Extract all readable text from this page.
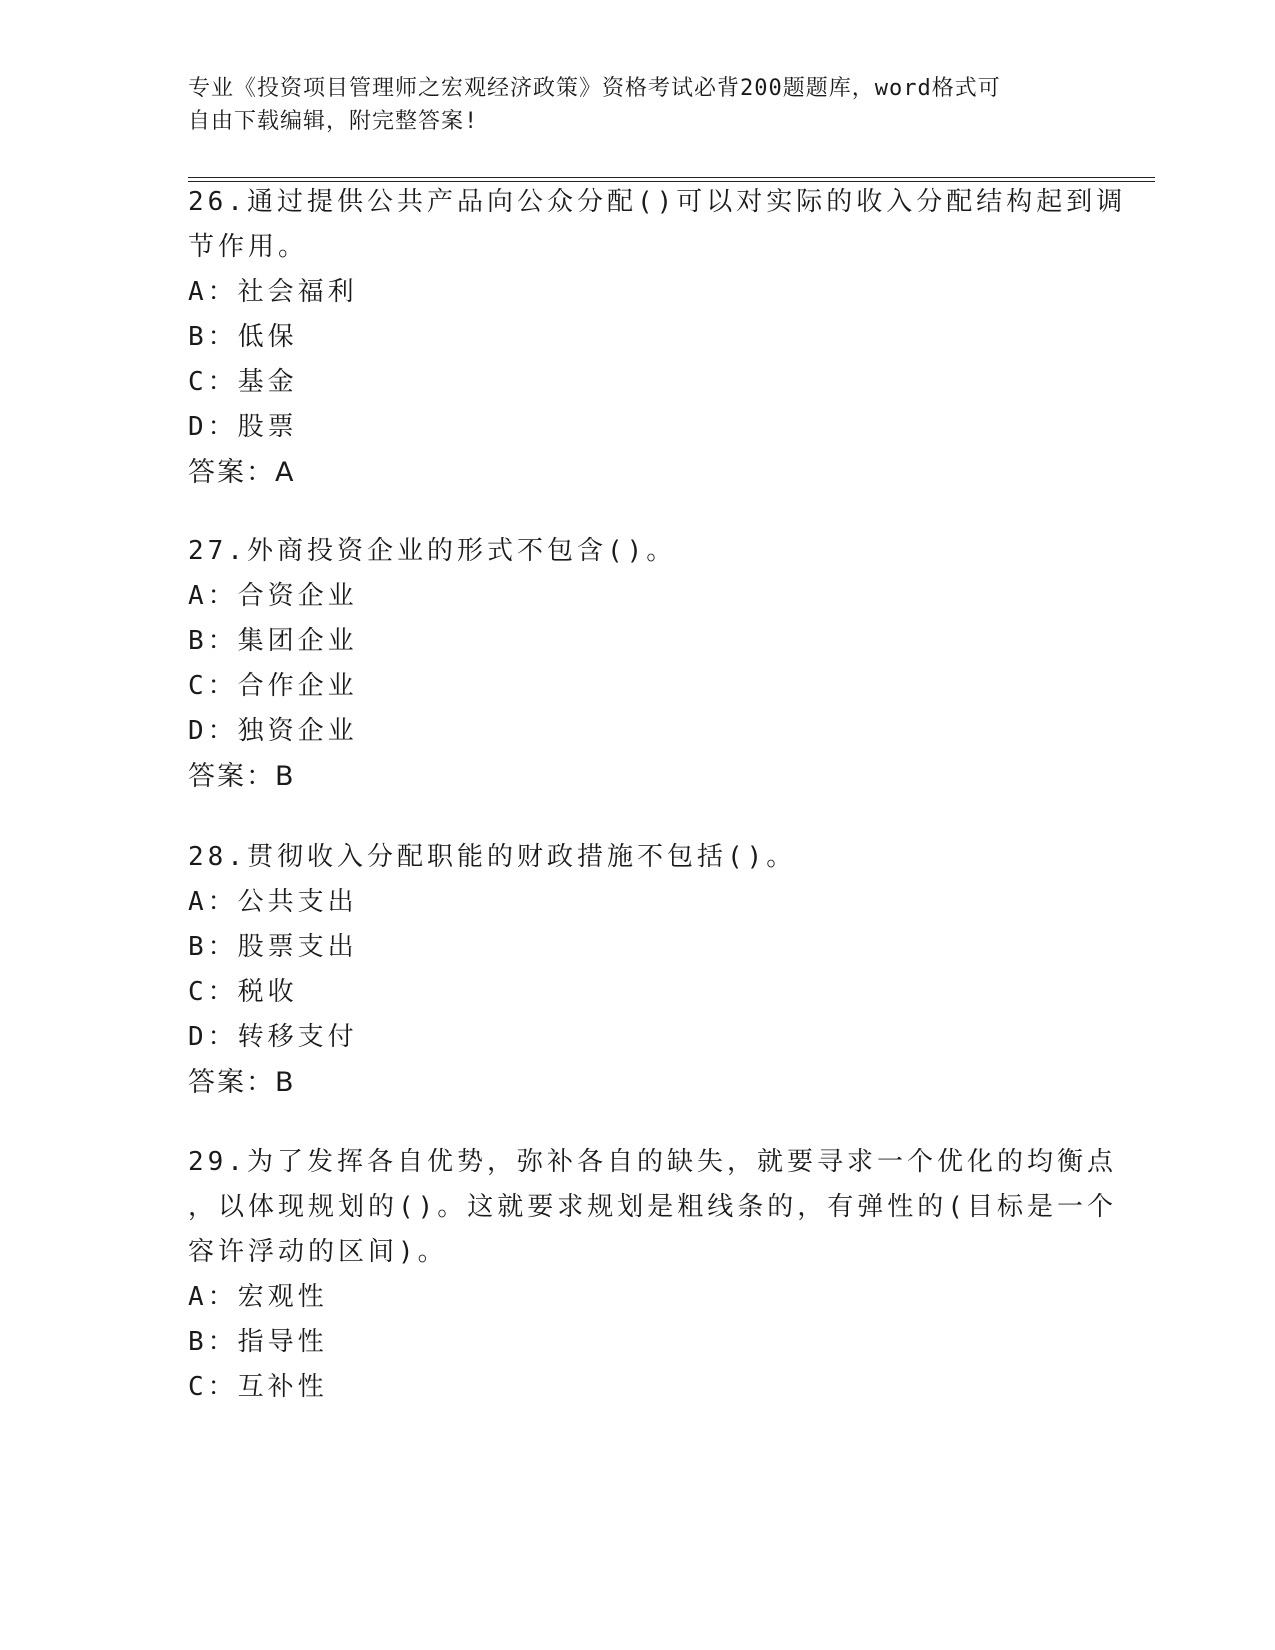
专业《投资项目管理师之宏观经济政策》资格考试必背200题题库，word格式可
自由下载编辑，附完整答案!
26.通过提供公共产品向公众分配()可以对实际的收入分配结构起到调
节作用。
A：社会福利
B：低保
C：基金
D：股票
答案：A
27.外商投资企业的形式不包含()。
A：合资企业
B：集团企业
C：合作企业
D：独资企业
答案：B
28.贯彻收入分配职能的财政措施不包括()。
A：公共支出
B：股票支出
C：税收
D：转移支付
答案：B
29.为了发挥各自优势，弥补各自的缺失，就要寻求一个优化的均衡点
，以体现规划的()。这就要求规划是粗线条的，有弹性的(目标是一个
容许浮动的区间)。
A：宏观性
B：指导性
C：互补性
